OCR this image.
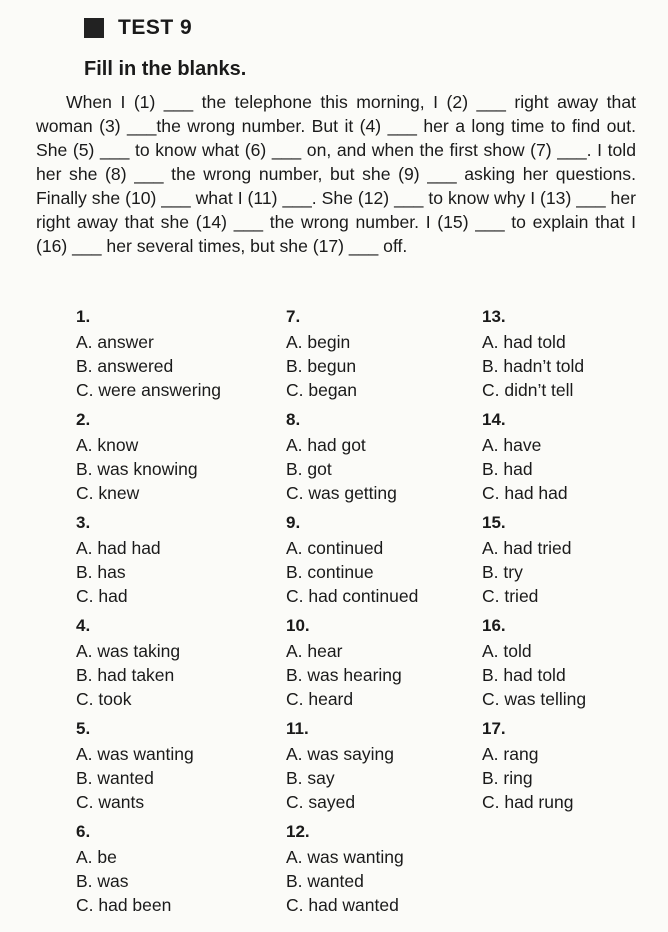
TEST 9
Fill in the blanks.

When I (1) ___ the telephone this morning, I (2) ___ right away that woman (3) ___the wrong number. But it (4) ___ her a long time to find out. She (5) ___ to know what (6) ___ on, and when the first show (7) ___. I told her she (8) ___ the wrong number, but she (9) ___ asking her questions. Finally she (10) ___ what I (11) ___. She (12) ___ to know why I (13) ___ her right away that she (14) ___ the wrong number. I (15) ___ to explain that I (16) ___ her several times, but she (17) ___ off.

1.
A. answer
B. answered
C. were answering
2.
A. know
B. was knowing
C. knew
3.
A. had had
B. has
C. had
4.
A. was taking
B. had taken
C. took
5.
A. was wanting
B. wanted
C. wants
6.
A. be
B. was
C. had been
7.
A. begin
B. begun
C. began
8.
A. had got
B. got
C. was getting
9.
A. continued
B. continue
C. had continued
10.
A. hear
B. was hearing
C. heard
11.
A. was saying
B. say
C. sayed
12.
A. was wanting
B. wanted
C. had wanted
13.
A. had told
B. hadn’t told
C. didn’t tell
14.
A. have
B. had
C. had had
15.
A. had tried
B. try
C. tried
16.
A. told
B. had told
C. was telling
17.
A. rang
B. ring
C. had rung
